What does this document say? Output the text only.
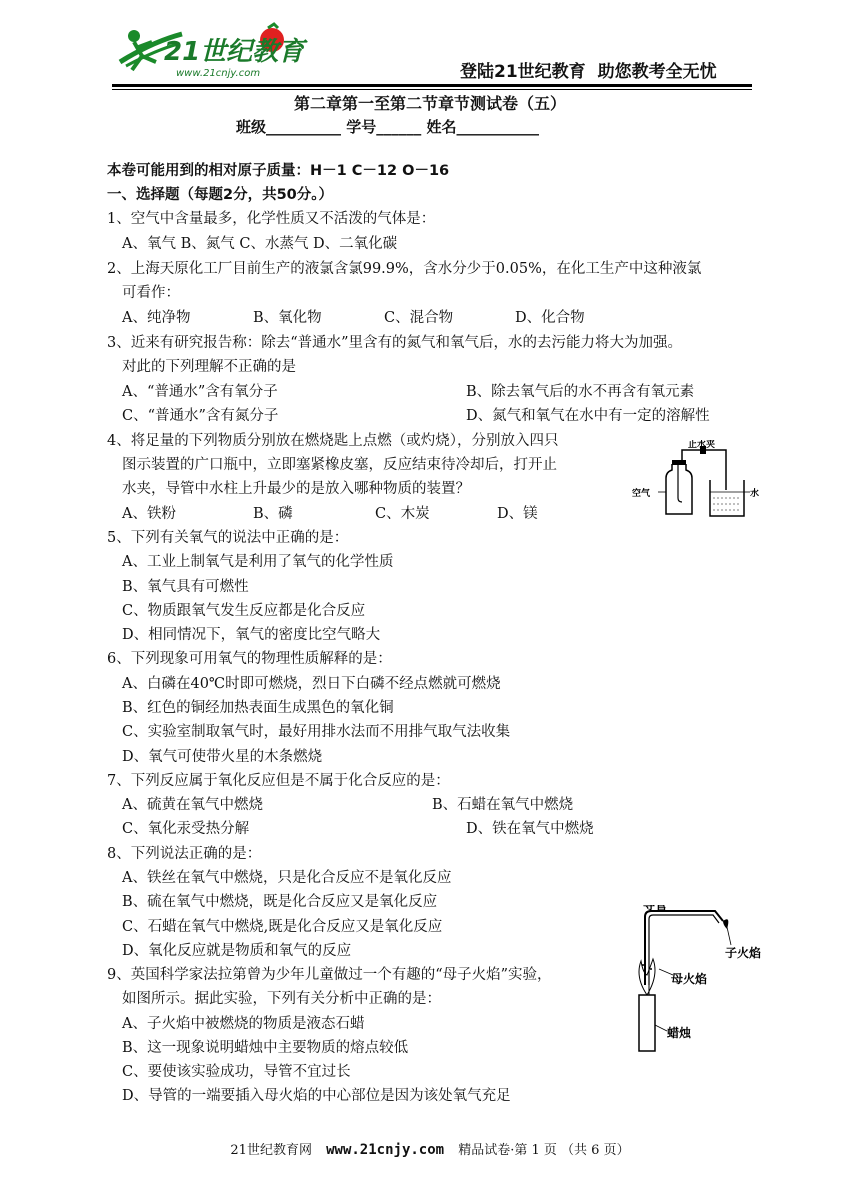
21世纪教育
www.21cnjy.com	登陆21世纪教育 助您教考全无忧
第二章第一至第二节章节测试卷（五）
班级__________ 学号______ 姓名___________
本卷可能用到的相对原子质量：H－1 C－12 O－16
一、选择题（每题2分，共50分。）
1、空气中含量最多，化学性质又不活泼的气体是：
A、氧气 B、氮气 C、水蒸气 D、二氧化碳
2、上海天原化工厂目前生产的液氯含氯99.9%，含水分少于0.05%，在化工生产中这种液氯
可看作：
A、纯净物	B、氧化物	C、混合物	D、化合物
3、近来有研究报告称：除去“普通水”里含有的氮气和氧气后，水的去污能力将大为加强。
对此的下列理解不正确的是
A、“普通水”含有氧分子	B、除去氧气后的水不再含有氧元素
C、“普通水”含有氮分子	D、氮气和氧气在水中有一定的溶解性
4、将足量的下列物质分别放在燃烧匙上点燃（或灼烧），分别放入四只
图示装置的广口瓶中，立即塞紧橡皮塞，反应结束待冷却后，打开止
水夹，导管中水柱上升最少的是放入哪种物质的装置？
A、铁粉	B、磷	C、木炭	D、镁
止水夹
空气	水
5、下列有关氧气的说法中正确的是：
A、工业上制氧气是利用了氧气的化学性质
B、氧气具有可燃性
C、物质跟氧气发生反应都是化合反应
D、相同情况下，氧气的密度比空气略大
6、下列现象可用氧气的物理性质解释的是：
A、白磷在40℃时即可燃烧，烈日下白磷不经点燃就可燃烧
B、红色的铜经加热表面生成黑色的氧化铜
C、实验室制取氧气时，最好用排水法而不用排气取气法收集
D、氧气可使带火星的木条燃烧
7、下列反应属于氧化反应但是不属于化合反应的是：
A、硫黄在氧气中燃烧	B、石蜡在氧气中燃烧
C、氧化汞受热分解	D、铁在氧气中燃烧
8、下列说法正确的是：
A、铁丝在氧气中燃烧，只是化合反应不是氧化反应
B、硫在氧气中燃烧，既是化合反应又是氧化反应
C、石蜡在氧气中燃烧,既是化合反应又是氧化反应
D、氧化反应就是物质和氧气的反应
9、英国科学家法拉第曾为少年儿童做过一个有趣的“母子火焰”实验，
如图所示。据此实验，下列有关分析中正确的是：
A、子火焰中被燃烧的物质是液态石蜡
B、这一现象说明蜡烛中主要物质的熔点较低
C、要使该实验成功，导管不宜过长
D、导管的一端要插入母火焰的中心部位是因为该处氧气充足
导管
子火焰
母火焰
蜡烛
21世纪教育网 www.21cnjy.com 精品试卷·第 1 页 （共 6 页）
